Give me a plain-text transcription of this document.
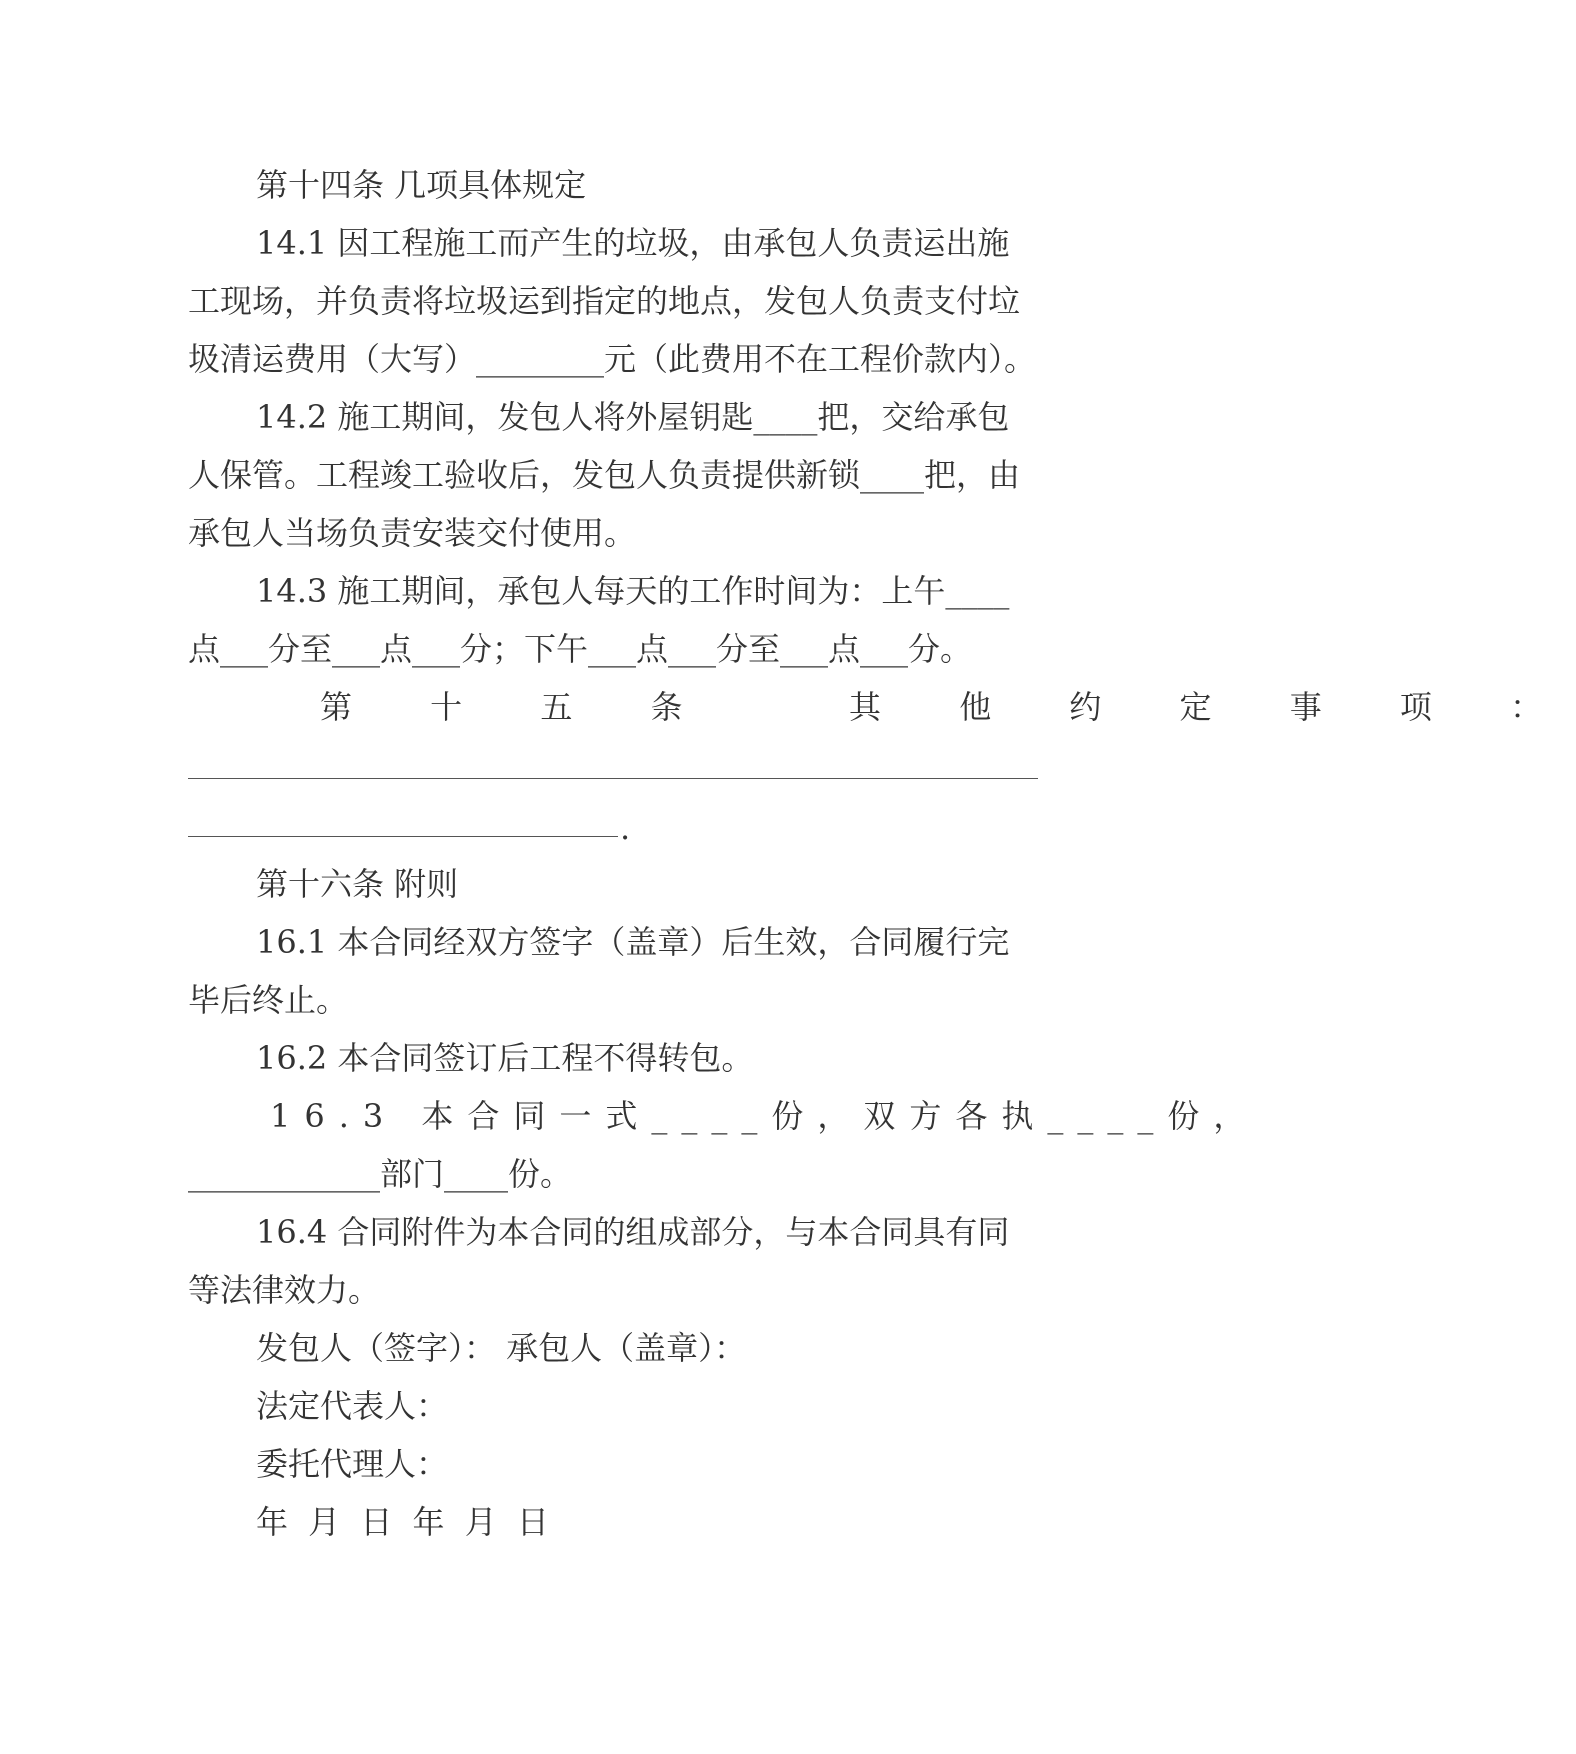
第十四条 几项具体规定
14.1 因工程施工而产生的垃圾，由承包人负责运出施
工现场，并负责将垃圾运到指定的地点，发包人负责支付垃
圾清运费用（大写）________元（此费用不在工程价款内）。
14.2 施工期间，发包人将外屋钥匙____把，交给承包
人保管。工程竣工验收后，发包人负责提供新锁____把，由
承包人当场负责安装交付使用。
14.3 施工期间，承包人每天的工作时间为：上午____
点___分至___点___分；下午___点___分至___点___分。
第 十 五 条   其 他 约 定 事 项 ：
.
第十六条 附则
16.1 本合同经双方签字（盖章）后生效，合同履行完
毕后终止。
16.2 本合同签订后工程不得转包。
16.3 本合同一式____份，双方各执____份，
____________部门____份。
16.4 合同附件为本合同的组成部分，与本合同具有同
等法律效力。
发包人（签字）： 承包人（盖章）：
法定代表人：
委托代理人：
年 月 日 年 月 日
